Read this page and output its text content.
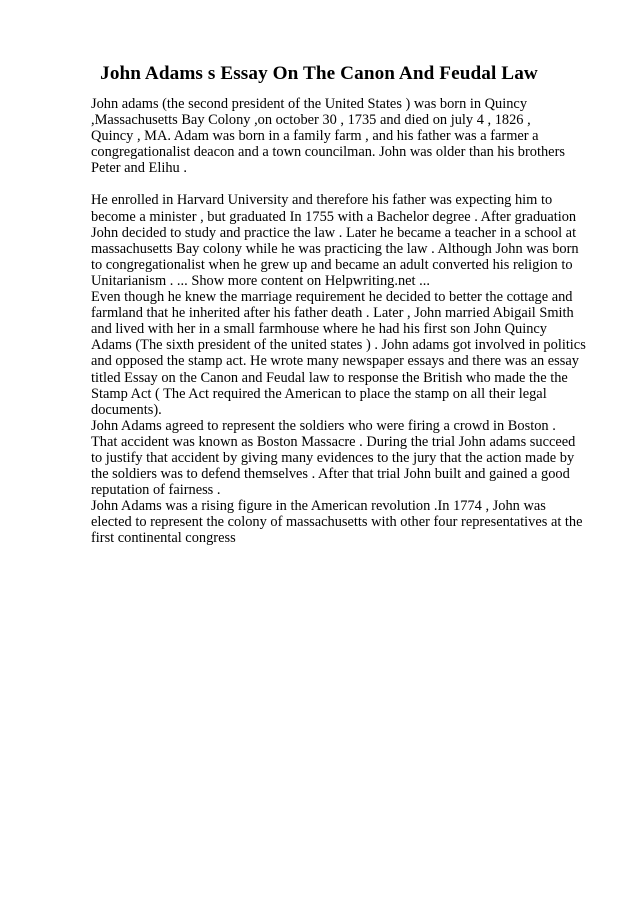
John Adams s Essay On The Canon And Feudal Law
John adams (the second president of the United States ) was born in Quincy
,Massachusetts Bay Colony ,on october 30 , 1735 and died on july 4 , 1826 ,
Quincy , MA. Adam was born in a family farm , and his father was a farmer a
congregationalist deacon and a town councilman. John was older than his brothers
Peter and Elihu .
He enrolled in Harvard University and therefore his father was expecting him to
become a minister , but graduated In 1755 with a Bachelor degree . After graduation
John decided to study and practice the law . Later he became a teacher in a school at
massachusetts Bay colony while he was practicing the law . Although John was born
to congregationalist when he grew up and became an adult converted his religion to
Unitarianism . ... Show more content on Helpwriting.net ...
Even though he knew the marriage requirement he decided to better the cottage and
farmland that he inherited after his father death . Later , John married Abigail Smith
and lived with her in a small farmhouse where he had his first son John Quincy
Adams (The sixth president of the united states ) . John adams got involved in politics
and opposed the stamp act. He wrote many newspaper essays and there was an essay
titled Essay on the Canon and Feudal law to response the British who made the the
Stamp Act ( The Act required the American to place the stamp on all their legal
documents).
John Adams agreed to represent the soldiers who were firing a crowd in Boston .
That accident was known as Boston Massacre . During the trial John adams succeed
to justify that accident by giving many evidences to the jury that the action made by
the soldiers was to defend themselves . After that trial John built and gained a good
reputation of fairness .
John Adams was a rising figure in the American revolution .In 1774 , John was
elected to represent the colony of massachusetts with other four representatives at the
first continental congress
